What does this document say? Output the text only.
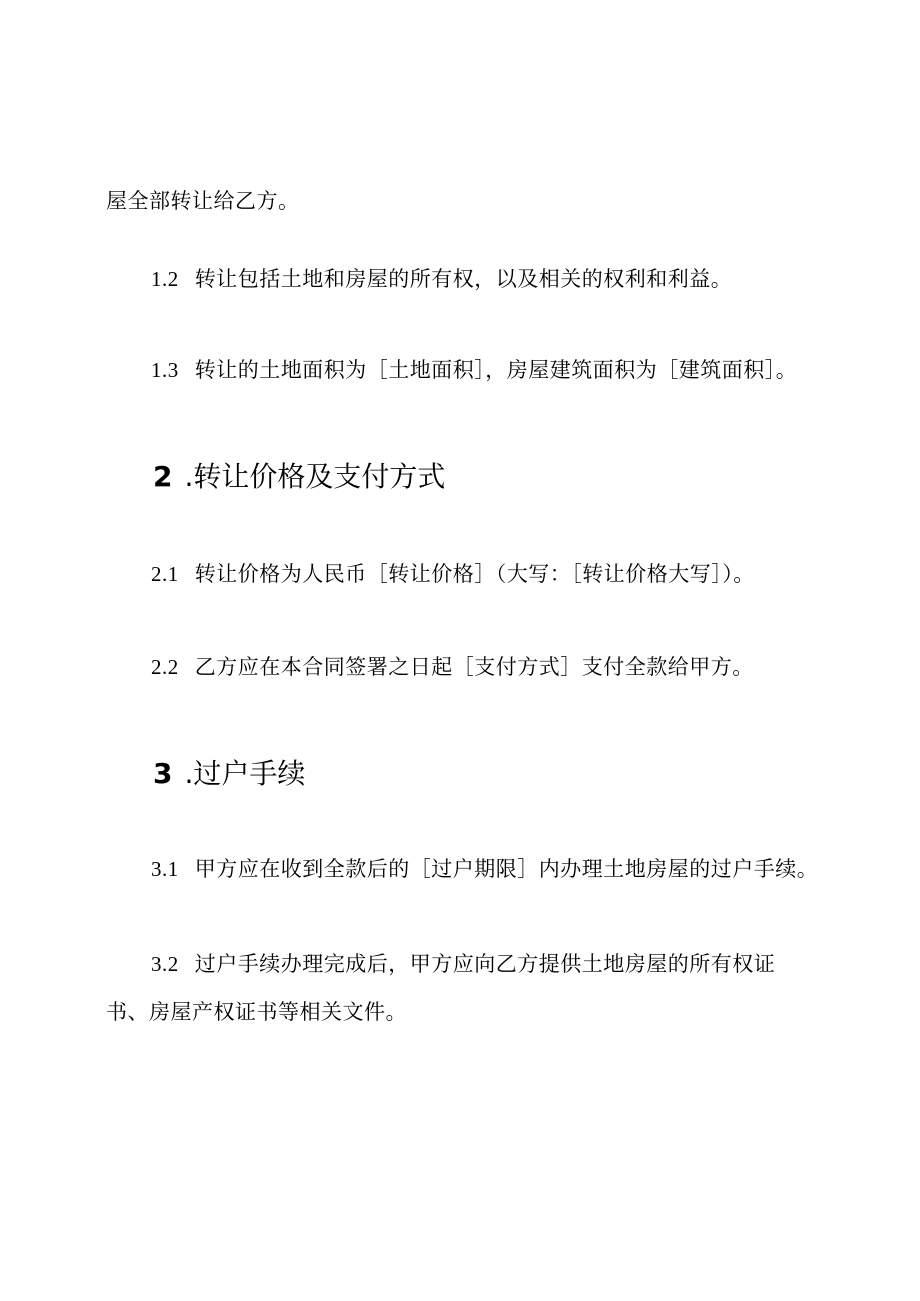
屋全部转让给乙方。
1.2 转让包括土地和房屋的所有权，以及相关的权利和利益。
1.3 转让的土地面积为［土地面积］，房屋建筑面积为［建筑面积］。
2 .转让价格及支付方式
2.1 转让价格为人民币［转让价格］（大写：［转让价格大写］）。
2.2 乙方应在本合同签署之日起［支付方式］支付全款给甲方。
3 .过户手续
3.1 甲方应在收到全款后的［过户期限］内办理土地房屋的过户手续。
3.2 过户手续办理完成后，甲方应向乙方提供土地房屋的所有权证
书、房屋产权证书等相关文件。
